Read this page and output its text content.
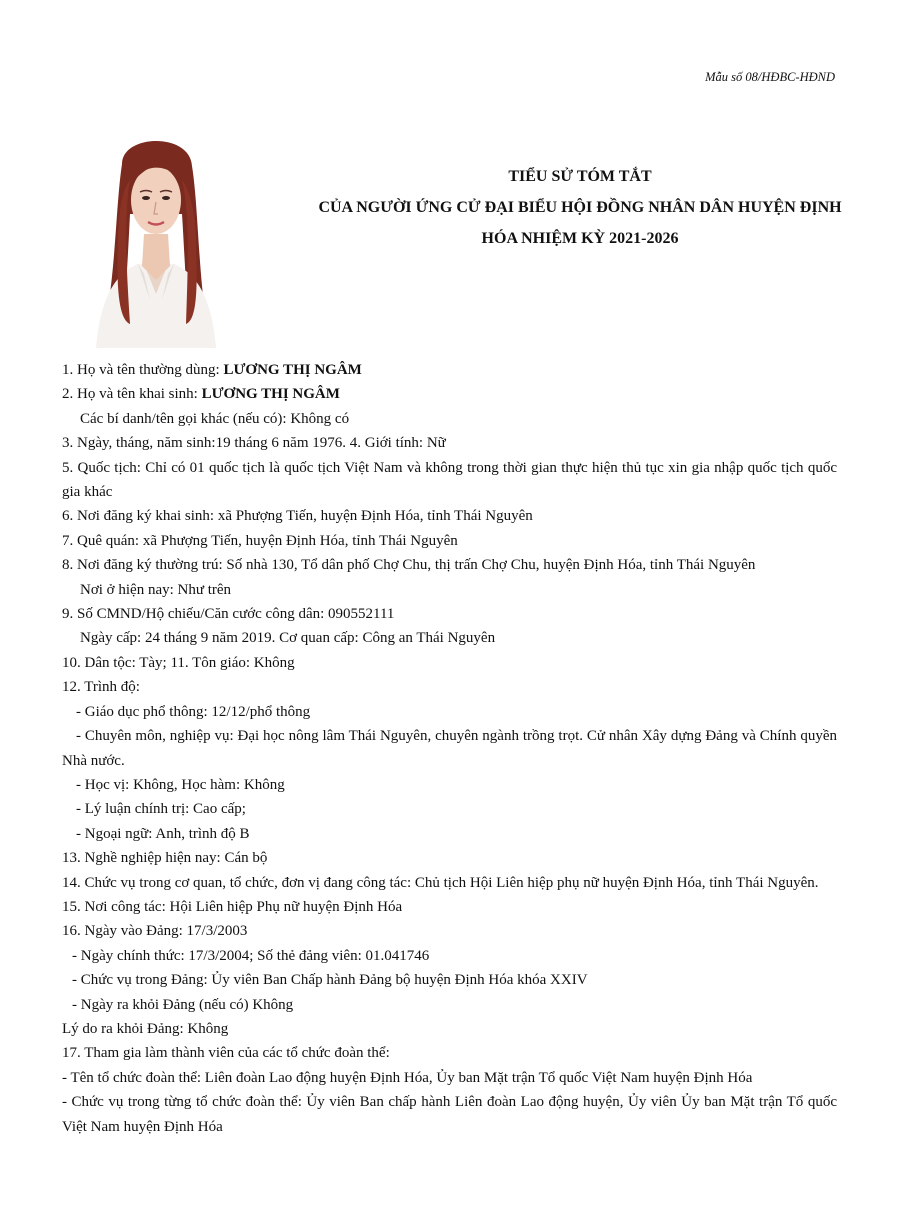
Mẫu số 08/HĐBC-HĐND
TIỂU SỬ TÓM TẮT
CỦA NGƯỜI ỨNG CỬ ĐẠI BIỂU HỘI ĐỒNG NHÂN DÂN HUYỆN ĐỊNH
HÓA NHIỆM KỲ 2021-2026

1. Họ và tên thường dùng: LƯƠNG THỊ NGÂM

2. Họ và tên khai sinh: LƯƠNG THỊ NGÂM

Các bí danh/tên gọi khác (nếu có): Không có

3. Ngày, tháng, năm sinh:19 tháng 6 năm 1976. 4. Giới tính: Nữ

5. Quốc tịch: Chỉ có 01 quốc tịch là quốc tịch Việt Nam và không trong thời gian thực hiện thủ tục xin gia nhập quốc tịch quốc gia khác

6. Nơi đăng ký khai sinh: xã Phượng Tiến, huyện Định Hóa, tỉnh Thái Nguyên

7. Quê quán: xã Phượng Tiến, huyện Định Hóa, tỉnh Thái Nguyên

8. Nơi đăng ký thường trú: Số nhà 130, Tổ dân phố Chợ Chu, thị trấn Chợ Chu, huyện Định Hóa, tỉnh Thái Nguyên

Nơi ở hiện nay: Như trên

9. Số CMND/Hộ chiếu/Căn cước công dân: 090552111

Ngày cấp: 24 tháng 9 năm 2019. Cơ quan cấp: Công an Thái Nguyên

10. Dân tộc: Tày; 11. Tôn giáo: Không

12. Trình độ:

- Giáo dục phổ thông: 12/12/phổ thông

- Chuyên môn, nghiệp vụ: Đại học nông lâm Thái Nguyên, chuyên ngành trồng trọt. Cử nhân Xây dựng Đảng và Chính quyền Nhà nước.

- Học vị: Không, Học hàm: Không

- Lý luận chính trị: Cao cấp;

- Ngoại ngữ: Anh, trình độ B

13. Nghề nghiệp hiện nay: Cán bộ

14. Chức vụ trong cơ quan, tổ chức, đơn vị đang công tác: Chủ tịch Hội Liên hiệp phụ nữ huyện Định Hóa, tỉnh Thái Nguyên.

15. Nơi công tác: Hội Liên hiệp Phụ nữ huyện Định Hóa

16. Ngày vào Đảng: 17/3/2003

- Ngày chính thức: 17/3/2004; Số thẻ đảng viên: 01.041746

- Chức vụ trong Đảng: Ủy viên Ban Chấp hành Đảng bộ huyện Định Hóa khóa XXIV

- Ngày ra khỏi Đảng (nếu có) Không

Lý do ra khỏi Đảng: Không

17. Tham gia làm thành viên của các tổ chức đoàn thể:

- Tên tổ chức đoàn thể: Liên đoàn Lao động huyện Định Hóa, Ủy ban Mặt trận Tổ quốc Việt Nam huyện Định Hóa

- Chức vụ trong từng tổ chức đoàn thể: Ủy viên Ban chấp hành Liên đoàn Lao động huyện, Ủy viên Ủy ban Mặt trận Tổ quốc Việt Nam huyện Định Hóa
